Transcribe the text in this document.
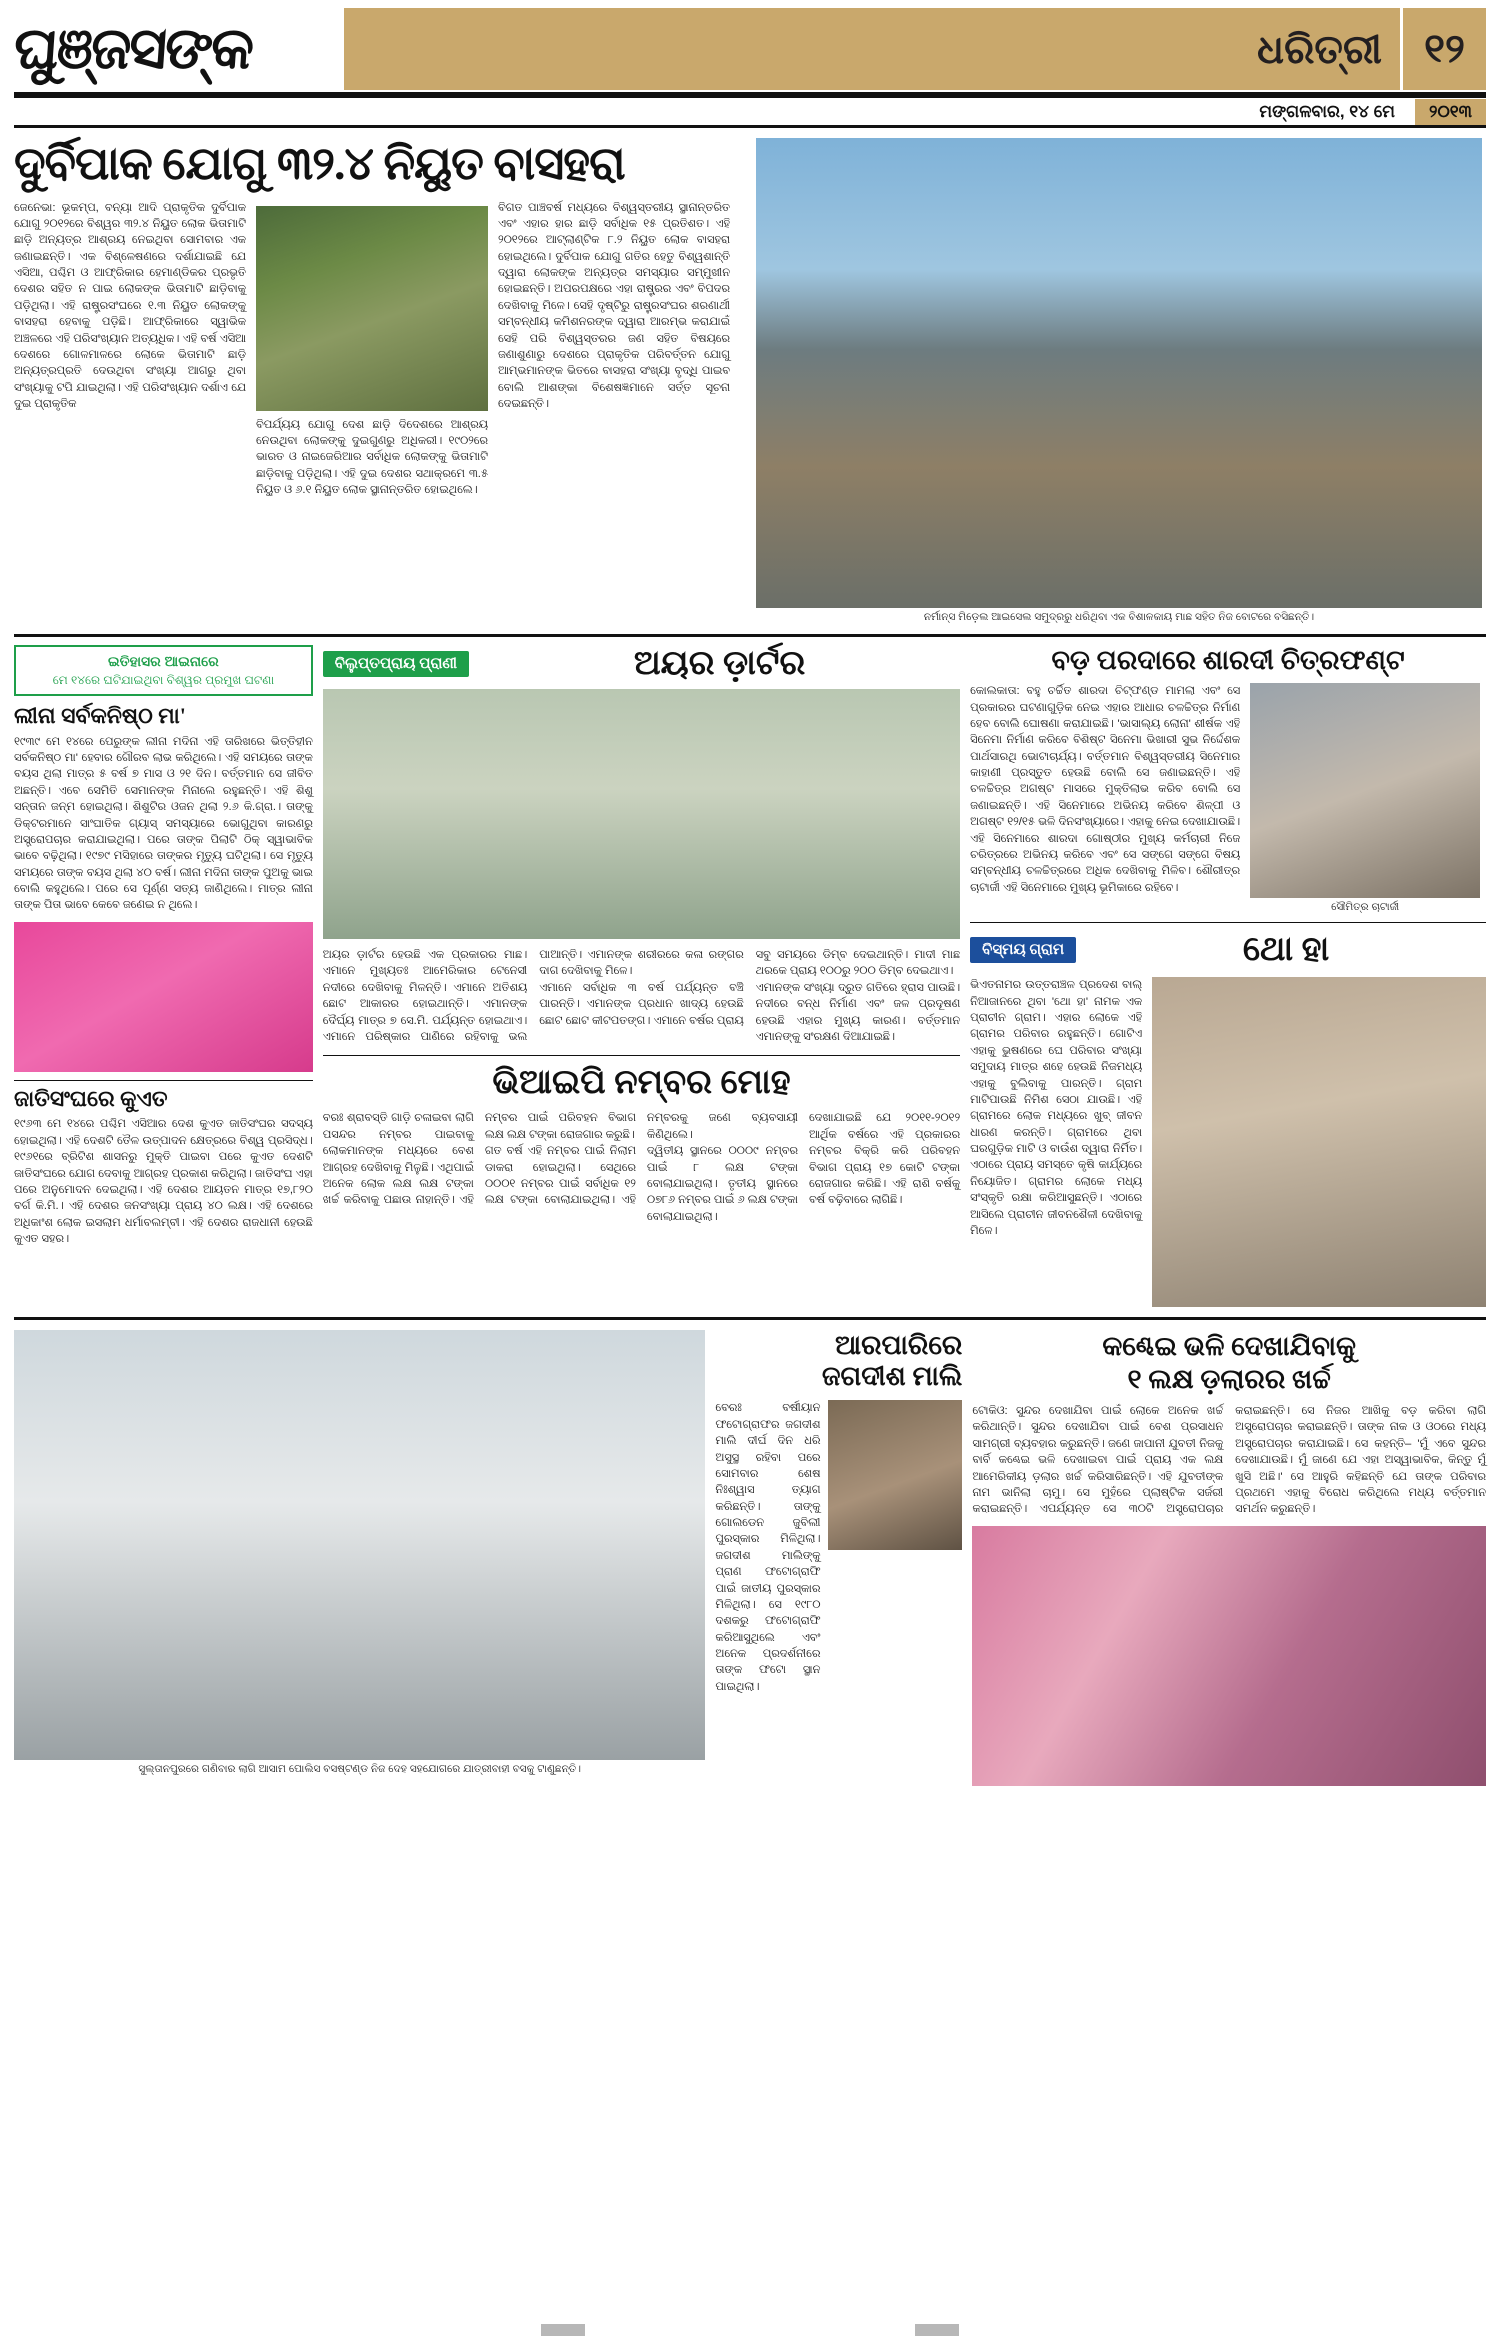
ଘୁଞ୍ଜସଙ୍କ	ଧରିତ୍ରୀ ୧୨
ମଙ୍ଗଳବାର, ୧୪ ମେ	୨୦୧୩
ଦୁର୍ବିପାକ ଯୋଗୁ ୩୨.୪ ନିୟୁତ ବାସହରା
ଜେନେଭା: ଭୂକମ୍ପ, ବନ୍ୟା ଆଦି ପ୍ରାକୃତିକ ଦୁର୍ବିପାକ ଯୋଗୁ ୨୦୧୨ରେ ବିଶ୍ୱର ୩୨.୪ ନିୟୁତ ଲୋକ ଭିତାମାଟି ଛାଡ଼ି ଅନ୍ୟତ୍ର ଆଶ୍ରୟ ନେଇଥିବା ସୋମବାର ଏକ ଜଣାଇଛନ୍ତି। ଏକ ବିଶ୍ଳେଷଣରେ ଦର୍ଶାଯାଇଛି ଯେ ଏସିଆ, ପଶ୍ଚିମ ଓ ଆଫ୍ରିକାର ହେମାଣ୍ଡିକର ପ୍ରଭୃତି ଦେଶର ସହିତ ନ ପାଇ ଲୋକଙ୍କ ଭିତାମାଟି ଛାଡ଼ିବାକୁ ପଡ଼ିଥିଲା। ଏହି ରାଷ୍ଟ୍ରସଂଘରେ ୧.୩ ନିୟୁତ ଲୋକଙ୍କୁ ବାସହରା ହେବାକୁ ପଡ଼ିଛି। ଆଫ୍ରିକାରେ ସ୍ୱାଭିକ ଅଞ୍ଚଳରେ ଏହି ପରିସଂଖ୍ୟାନ ଅତ୍ୟଧିକ। ଏହି ବର୍ଷ ଏସିଆ ଦେଶରେ ଗୋଳମାଳରେ ଲୋକେ ଭିତାମାଟି ଛାଡ଼ି ଅନ୍ୟତ୍ରପ୍ରତି ଦେଉଥିବା ସଂଖ୍ୟା ଆଗରୁ ଥିବା ସଂଖ୍ୟାକୁ ଟପି ଯାଇଥିଲା। ଏହି ପରିସଂଖ୍ୟାନ ଦର୍ଶାଏ ଯେ ଦୁଇ ପ୍ରାକୃତିକ
ବିପର୍ଯ୍ୟୟ ଯୋଗୁ ଦେଶ ଛାଡ଼ି ଦିଦେଶରେ ଆଶ୍ରୟ ନେଉଥିବା ଲୋକଙ୍କୁ ଦୁଇଗୁଣରୁ ଅଧିକରୀ। ୧୯୦୨ରେ ଭାରତ ଓ ନାଇଜେରିଆର ସର୍ବାଧିକ ଲୋକଙ୍କୁ ଭିତାମାଟି ଛାଡ଼ିବାକୁ ପଡ଼ିଥିଲା। ଏହି ଦୁଇ ଦେଶର ସଥାକ୍ରମେ ୩.୫ ନିୟୁତ ଓ ୬.୧ ନିୟୁତ ଲୋକ ସ୍ଥାନାନ୍ତରିତ ହୋଇଥିଲେ।
ବିଗତ ପାଞ୍ଚବର୍ଷ ମଧ୍ୟରେ ବିଶ୍ୱସ୍ତରୀୟ ସ୍ଥାନାନ୍ତରିତ ଏବଂ ଏହାର ହାର ଛାଡ଼ି ସର୍ବାଧିକ ୧୫ ପ୍ରତିଶତ। ଏହି ୨୦୧୨ରେ ଆଟ୍ଲାଣ୍ଟିକ ୮.୨ ନିୟୁତ ଲୋକ ବାସହରା ହୋଇଥିଲେ। ଦୁର୍ବିପାକ ଯୋଗୁ ଗତିର ହେତୁ ବିଶ୍ୱଶାନ୍ତି ଦ୍ୱାରା ଲୋକଙ୍କ ଅନ୍ୟତ୍ର ସମସ୍ୟାର ସମ୍ମୁଖୀନ ହୋଇଛନ୍ତି। ଅପରପକ୍ଷରେ ଏହା ରାଷ୍ଟ୍ରର ଏବଂ ବିପଦର ଦେଖିବାକୁ ମିଳେ। ସେହି ଦୃଷ୍ଟିରୁ ରାଷ୍ଟ୍ରସଂଘର ଶରଣାର୍ଥୀ ସମ୍ବନ୍ଧୀୟ କମିଶନରଙ୍କ ଦ୍ୱାରା ଆରମ୍ଭ କରାଯାଇଁ ସେହି ପରି ବିଶ୍ୱସ୍ତରର ଜଣ ସହିତ ବିଷୟରେ ଜଣାଶୁଣାରୁ ଦେଶରେ ପ୍ରାକୃତିକ ପରିବର୍ତ୍ତନ ଯୋଗୁ ଆମ୍ଭମାନଙ୍କ ଭିତରେ ବାସହରା ସଂଖ୍ୟା ବୃଦ୍ଧି ପାଇବ ବୋଲି ଆଶଙ୍କା ବିଶେଷଜ୍ଞମାନେ ସର୍ତ୍ତ ସୂଚନା ଦେଇଛନ୍ତି।
ନର୍ମାନ୍ସ ମିଡ଼େଲ ଆଇସେଲ ସମୁଦ୍ରରୁ ଧରିଥିବା ଏକ ବିଶାଳକାୟ ମାଛ ସହିତ ନିଜ ବୋଟରେ ବସିଛନ୍ତି।
ଇତିହାସର ଆଇନାରେ
ମେ ୧୪ରେ ଘଟିଯାଇଥିବା ବିଶ୍ୱର ପ୍ରମୁଖ ଘଟଣା
ଲୀନା ସର୍ବକନିଷ୍ଠ ମା'
୧୯୩୯ ମେ ୧୪ରେ ପେରୁଙ୍କ ଲୀନା ମଦିନା ଏହି ତାରିଖରେ ଭିତ୍ତିହୀନ ସର୍ବକନିଷ୍ଠ ମା' ହେବାର ଗୌରବ ଲାଭ କରିଥିଲେ। ଏହି ସମୟରେ ତାଙ୍କ ବୟସ ଥିଲା ମାତ୍ର ୫ ବର୍ଷ ୭ ମାସ ଓ ୨୧ ଦିନ। ବର୍ତ୍ତମାନ ସେ ଜୀବିତ ଅଛନ୍ତି। ଏବେ ସେମିତି ସେମାନଙ୍କ ମିନାଲେ ରହୁଛନ୍ତି। ଏହି ଶିଶୁ ସନ୍ତାନ ଜନ୍ମ ହୋଇଥିଲା। ଶିଶୁଟିର ଓଜନ ଥିଲା ୨.୬ କି.ଗ୍ରା.। ତାଙ୍କୁ ଡିକ୍ଟରମାନେ ସାଂଘାତିକ ଗ୍ୟାସ୍ ସମସ୍ୟାରେ ଭୋଗୁଥିବା କାରଣରୁ ଅସ୍ତ୍ରୋପଚାର କରାଯାଇଥିଲା। ପରେ ତାଙ୍କ ପିଲାଟି ଠିକ୍ ସ୍ୱାଭାବିକ ଭାବେ ବଢ଼ିଥିଲା। ୧୯୭୯ ମସିହାରେ ତାଙ୍କର ମୃତ୍ୟୁ ଘଟିଥିଲା। ସେ ମୃତ୍ୟୁ ସମୟରେ ତାଙ୍କ ବୟସ ଥିଲା ୪୦ ବର୍ଷ। ଲୀନା ମଦିନା ତାଙ୍କ ପୁଅକୁ ଭାଇ ବୋଲି କହୁଥିଲେ। ପରେ ସେ ପୂର୍ଣ୍ଣ ସତ୍ୟ ଜାଣିଥିଲେ। ମାତ୍ର ଲୀନା ତାଙ୍କ ପିତା ଭାବେ କେବେ ଜଣେଇ ନ ଥିଲେ।
ଜାତିସଂଘରେ କୁଏତ
୧୯୬୩ ମେ ୧୪ରେ ପଶ୍ଚିମ ଏସିଆର ଦେଶ କୁଏତ ଜାତିସଂଘର ସଦସ୍ୟ ହୋଇଥିଲା। ଏହି ଦେଶଟି ତୈଳ ଉତ୍ପାଦନ କ୍ଷେତ୍ରରେ ବିଶ୍ୱ ପ୍ରସିଦ୍ଧ। ୧୯୬୧ରେ ବ୍ରିଟିଶ ଶାସନରୁ ମୁକ୍ତି ପାଇବା ପରେ କୁଏତ ଦେଶଟି ଜାତିସଂଘରେ ଯୋଗ ଦେବାକୁ ଆଗ୍ରହ ପ୍ରକାଶ କରିଥିଲା। ଜାତିସଂଘ ଏହା ପରେ ଅନୁମୋଦନ ଦେଇଥିଲା। ଏହି ଦେଶର ଆୟତନ ମାତ୍ର ୧୭,୮୨୦ ବର୍ଗ କି.ମି.। ଏହି ଦେଶର ଜନସଂଖ୍ୟା ପ୍ରାୟ ୪୦ ଲକ୍ଷ। ଏହି ଦେଶରେ ଅଧିକାଂଶ ଲୋକ ଇସଲାମ ଧର୍ମାବଲମ୍ବୀ। ଏହି ଦେଶର ରାଜଧାନୀ ହେଉଛି କୁଏତ ସହର।
ବିଲୁପ୍ତପ୍ରାୟ ପ୍ରାଣୀ	ଅୟର ଡ଼ାର୍ଟର
ଅୟର ଡ଼ାର୍ଟର ହେଉଛି ଏକ ପ୍ରକାରର ମାଛ। ଏମାନେ ମୁଖ୍ୟତଃ ଆମେରିକାର ଟେନେସୀ ନଦୀରେ ଦେଖିବାକୁ ମିଳନ୍ତି। ଏମାନେ ଅତିଶୟ ଛୋଟ ଆକାରର ହୋଇଥାନ୍ତି। ଏମାନଙ୍କ ଦୈର୍ଘ୍ୟ ମାତ୍ର ୭ ସେ.ମି. ପର୍ଯ୍ୟନ୍ତ ହୋଇଥାଏ। ଏମାନେ ପରିଷ୍କାର ପାଣିରେ ରହିବାକୁ ଭଲ ପାଆନ୍ତି। ଏମାନଙ୍କ ଶରୀରରେ କଳା ରଙ୍ଗର ଦାଗ ଦେଖିବାକୁ ମିଳେ।
ଏମାନେ ସର୍ବାଧିକ ୩ ବର୍ଷ ପର୍ଯ୍ୟନ୍ତ ବଞ୍ଚି ପାରନ୍ତି। ଏମାନଙ୍କ ପ୍ରଧାନ ଖାଦ୍ୟ ହେଉଛି ଛୋଟ ଛୋଟ କୀଟପତଙ୍ଗ। ଏମାନେ ବର୍ଷର ପ୍ରାୟ ସବୁ ସମୟରେ ଡିମ୍ବ ଦେଇଥାନ୍ତି। ମାଦୀ ମାଛ ଥରକେ ପ୍ରାୟ ୧୦୦ରୁ ୨୦୦ ଡିମ୍ବ ଦେଇଥାଏ।
ଏମାନଙ୍କ ସଂଖ୍ୟା ଦ୍ରୁତ ଗତିରେ ହ୍ରାସ ପାଉଛି। ନଦୀରେ ବନ୍ଧ ନିର୍ମାଣ ଏବଂ ଜଳ ପ୍ରଦୂଷଣ ହେଉଛି ଏହାର ମୁଖ୍ୟ କାରଣ। ବର୍ତ୍ତମାନ ଏମାନଙ୍କୁ ସଂରକ୍ଷଣ ଦିଆଯାଇଛି।
ଭିଆଇପି ନମ୍ବର ମୋହ
ବରଃ ଶ୍ରାବସ୍ତି ଗାଡ଼ି ଚଳାଇବା ଲାଗି ପସନ୍ଦର ନମ୍ବର ପାଇବାକୁ ଲୋକମାନଙ୍କ ମଧ୍ୟରେ ବେଶ ଆଗ୍ରହ ଦେଖିବାକୁ ମିଳୁଛି। ଏଥିପାଇଁ ଅନେକ ଲୋକ ଲକ୍ଷ ଲକ୍ଷ ଟଙ୍କା ଖର୍ଚ୍ଚ କରିବାକୁ ପଛାଉ ନାହାନ୍ତି। ଏହି ନମ୍ବର ପାଇଁ ପରିବହନ ବିଭାଗ ଲକ୍ଷ ଲକ୍ଷ ଟଙ୍କା ରୋଜଗାର କରୁଛି।
ଗତ ବର୍ଷ ଏହି ନମ୍ବର ପାଇଁ ନିଲାମ ଡାକରା ହୋଇଥିଲା। ସେଥିରେ ୦୦୦୧ ନମ୍ବର ପାଇଁ ସର୍ବାଧିକ ୧୨ ଲକ୍ଷ ଟଙ୍କା ବୋଲାଯାଇଥିଲା। ଏହି ନମ୍ବରକୁ ଜଣେ ବ୍ୟବସାୟୀ କିଣିଥିଲେ।
ଦ୍ୱିତୀୟ ସ୍ଥାନରେ ୦୦୦୯ ନମ୍ବର ପାଇଁ ୮ ଲକ୍ଷ ଟଙ୍କା ବୋଲାଯାଇଥିଲା। ତୃତୀୟ ସ୍ଥାନରେ ୦୭୮୬ ନମ୍ବର ପାଇଁ ୬ ଲକ୍ଷ ଟଙ୍କା ବୋଲାଯାଇଥିଲା।
ଦେଖାଯାଇଛି ଯେ ୨୦୧୧-୨୦୧୨ ଆର୍ଥିକ ବର୍ଷରେ ଏହି ପ୍ରକାରର ନମ୍ବର ବିକ୍ରି କରି ପରିବହନ ବିଭାଗ ପ୍ରାୟ ୧୭ କୋଟି ଟଙ୍କା ରୋଜଗାର କରିଛି। ଏହି ରାଶି ବର୍ଷକୁ ବର୍ଷ ବଢ଼ିବାରେ ଲାଗିଛି।
ବଡ଼ ପରଦାରେ ଶାରଦୀ ଚିତ୍ରଫଣ୍ଟ
କୋଲକାତା: ବହୁ ଚର୍ଚ୍ଚିତ ଶାରଦା ଚିଟ୍‌ଫଣ୍ଡ ମାମଲା ଏବଂ ସେ ପ୍ରକାରର ଘଟଣାଗୁଡ଼ିକ ନେଇ ଏହାର ଆଧାର ଚଳଚ୍ଚିତ୍ର ନିର୍ମାଣ ହେବ ବୋଲି ଘୋଷଣା କରାଯାଇଛି। 'ଭାସାଲ୍ୟ ଲୋନା' ଶୀର୍ଷକ ଏହି ସିନେମା ନିର୍ମାଣ କରିବେ ବିଶିଷ୍ଟ ସିନେମା ଭିଖାରୀ ସୁଭ ନିର୍ଦ୍ଦେଶକ ପାର୍ଥସାରଥି ଭୋଟାଚାର୍ଯ୍ୟ। ବର୍ତ୍ତମାନ ବିଶ୍ୱସ୍ତରୀୟ ସିନେମାର କାହାଣୀ ପ୍ରସ୍ତୁତ ହେଉଛି ବୋଲି ସେ ଜଣାଇଛନ୍ତି। ଏହି ଚଳଚ୍ଚିତ୍ର ଅଗଷ୍ଟ ମାସରେ ମୁକ୍ତିଲାଭ କରିବ ବୋଲି ସେ ଜଣାଇଛନ୍ତି। ଏହି ସିନେମାରେ ଅଭିନୟ କରିବେ ଶିଳ୍ପୀ ଓ ଅଗଷ୍ଟ ୧୨/୧୫ ଭଳି ଦିନସଂଖ୍ୟାରେ। ଏହାକୁ ନେଇ ଦେଖାଯାଉଛି। ଏହି ସିନେମାରେ ଶାରଦା ଗୋଷ୍ଠୀର ମୁଖ୍ୟ କର୍ମଚାରୀ ନିଜେ ଚରିତ୍ରରେ ଅଭିନୟ କରିବେ ଏବଂ ସେ ସଙ୍ଗେ ସଙ୍ଗେ ବିଷୟ ସମ୍ବନ୍ଧୀୟ ଚଳଚ୍ଚିତ୍ରରେ ଅଧିକ ଦେଖିବାକୁ ମିଳିବ। ଶୌରୀତ୍ର ଚାଟାର୍ଜୀ ଏହି ସିନେମାରେ ମୁଖ୍ୟ ଭୂମିକାରେ ରହିବେ।
ସୌମିତ୍ର ଚାଟାର୍ଜୀ
ବିସ୍ମୟ ଗ୍ରାମ	ଥୋ ହା
ଭିଏତନାମର ଉତ୍ତରାଞ୍ଚଳ ପ୍ରଦେଶ ବାଲ୍‌ ନିଆଜାନରେ ଥିବା 'ଥୋ ହା' ନାମକ ଏକ ପ୍ରାଚୀନ ଗ୍ରାମ। ଏହାର ଲୋକେ ଏହି ଗ୍ରାମର ପରିବାର ରହୁଛନ୍ତି। ଗୋଟିଏ ଏହାକୁ ଭୁଷଣରେ ଘେ ପରିବାର ସଂଖ୍ୟା ସମୁଦାୟ ମାତ୍ର ଶହେ ହେଉଛି ନିଜମଧ୍ୟ ଏହାକୁ ବୁଲିବାକୁ ପାରନ୍ତି। ଗ୍ରାମ ମାଟିପାଉଛି ନିମିଶ ସେଠା ଯାଉଛି। ଏହି ଗ୍ରାମରେ ଲୋକ ମଧ୍ୟରେ ଖୁବ୍ ଜୀବନ ଧାରଣ କରନ୍ତି। ଗ୍ରାମରେ ଥିବା ଘରଗୁଡ଼ିକ ମାଟି ଓ ବାଉଁଶ ଦ୍ୱାରା ନିର୍ମିତ। ଏଠାରେ ପ୍ରାୟ ସମସ୍ତେ କୃଷି କାର୍ଯ୍ୟରେ ନିୟୋଜିତ। ଗ୍ରାମର ଲୋକେ ମଧ୍ୟ ସଂସ୍କୃତି ରକ୍ଷା କରିଆସୁଛନ୍ତି। ଏଠାରେ ଆସିଲେ ପ୍ରାଚୀନ ଜୀବନଶୈଳୀ ଦେଖିବାକୁ ମିଳେ।
ସୁଲ୍ତାନପୁରରେ ଗଣିବାର ଲାଗି ଆସାମ ପୋଲିସ ବସଷ୍ଟଣ୍ଡ ନିଜ ଦେହ ସହଯୋଗରେ ଯାତ୍ରୀବାହୀ ବସକୁ ଟାଣୁଛନ୍ତି।
ଆରପାରିରେ
ଜଗଦୀଶ ମାଲି
ବେରଃ ବର୍ଷୀୟାନ ଫଟୋଗ୍ରାଫର ଜଗଦୀଶ ମାଲି ଦୀର୍ଘ ଦିନ ଧରି ଅସୁସ୍ଥ ରହିବା ପରେ ସୋମବାର ଶେଷ ନିଃଶ୍ୱାସ ତ୍ୟାଗ କରିଛନ୍ତି। ତାଙ୍କୁ ଗୋଲଡେନ ଜୁବିଲୀ ପୁରସ୍କାର ମିଳିଥିଲା। ଜଗଦୀଶ ମାଲିଙ୍କୁ ପ୍ରାଣ ଫଟୋଗ୍ରାଫି ପାଇଁ ଜାତୀୟ ପୁରସ୍କାର ମିଳିଥିଲା। ସେ ୧୯୮୦ ଦଶକରୁ ଫଟୋଗ୍ରାଫି କରିଆସୁଥିଲେ ଏବଂ ଅନେକ ପ୍ରଦର୍ଶନୀରେ ତାଙ୍କ ଫଟୋ ସ୍ଥାନ ପାଇଥିଲା।
କଣ୍ଢେଇ ଭଳି ଦେଖାଯିବାକୁ
୧ ଲକ୍ଷ ଡ଼ଲାରର ଖର୍ଚ୍ଚ
ଟୋକିଓ: ସୁନ୍ଦର ଦେଖାଯିବା ପାଇଁ ଲୋକେ ଅନେକ ଖର୍ଚ୍ଚ କରିଥାନ୍ତି। ସୁନ୍ଦର ଦେଖାଯିବା ପାଇଁ ବେଶ ପ୍ରସାଧନ ସାମଗ୍ରୀ ବ୍ୟବହାର କରୁଛନ୍ତି। ଜଣେ ଜାପାନୀ ଯୁବତୀ ନିଜକୁ ବାର୍ବି କଣ୍ଢେଇ ଭଳି ଦେଖାଇବା ପାଇଁ ପ୍ରାୟ ଏକ ଲକ୍ଷ ଆମେରିକୀୟ ଡ଼ଲାର ଖର୍ଚ୍ଚ କରିସାରିଛନ୍ତି। ଏହି ଯୁବତୀଙ୍କ ନାମ ଭାନିଲା ଚାମୁ। ସେ ମୁହଁରେ ପ୍ଲାଷ୍ଟିକ ସର୍ଜରୀ କରାଇଛନ୍ତି। ଏପର୍ଯ୍ୟନ୍ତ ସେ ୩୦ଟି ଅସ୍ତ୍ରୋପଚାର କରାଇଛନ୍ତି। ସେ ନିଜର ଆଖିକୁ ବଡ଼ କରିବା ଲାଗି ଅସ୍ତ୍ରୋପଚାର କରାଇଛନ୍ତି। ତାଙ୍କ ନାକ ଓ ଓଠରେ ମଧ୍ୟ ଅସ୍ତ୍ରୋପଚାର କରାଯାଇଛି। ସେ କହନ୍ତି– 'ମୁଁ ଏବେ ସୁନ୍ଦର ଦେଖାଯାଉଛି। ମୁଁ ଜାଣେ ଯେ ଏହା ଅସ୍ୱାଭାବିକ, କିନ୍ତୁ ମୁଁ ଖୁସି ଅଛି।' ସେ ଆହୁରି କହିଛନ୍ତି ଯେ ତାଙ୍କ ପରିବାର ପ୍ରଥମେ ଏହାକୁ ବିରୋଧ କରିଥିଲେ ମଧ୍ୟ ବର୍ତ୍ତମାନ ସମର୍ଥନ କରୁଛନ୍ତି।
